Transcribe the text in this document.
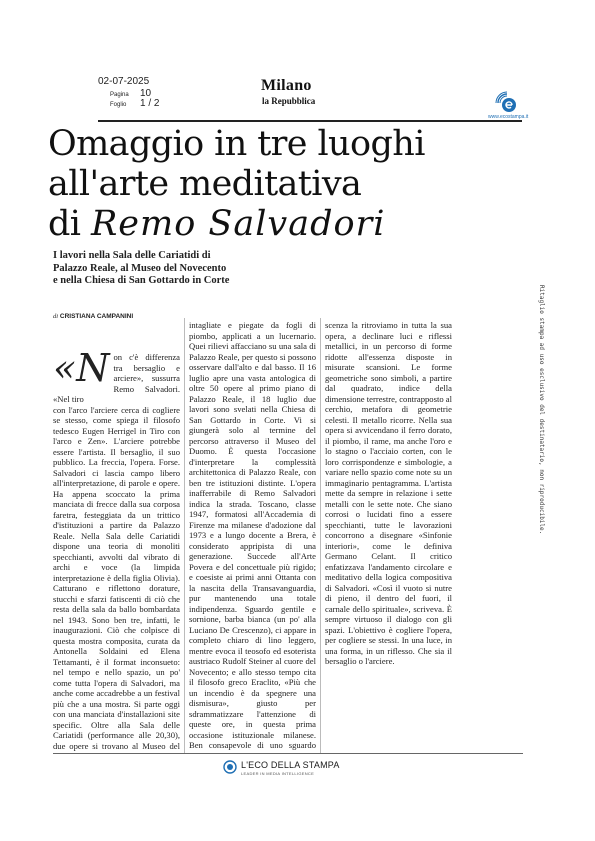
02-07-2025
Pagina 10
Foglio 1 / 2
Milano
la Repubblica
www.ecostampa.it
Omaggio in tre luoghi
all'arte meditativa
di Remo Salvadori
I lavori nella Sala delle Cariatidi di Palazzo Reale, al Museo del Novecento e nella Chiesa di San Gottardo in Corte
di CRISTIANA CAMPANINI
«N on c'è differenza tra bersaglio e arciere», sussurra Remo Salvadori. «Nel tiro
con l'arco l'arciere cerca di cogliere se stesso, come spiega il filosofo tedesco Eugen Herrigel in Tiro con l'arco e Zen». L'arciere potrebbe essere l'artista. Il bersaglio, il suo pubblico. La freccia, l'opera. Forse. Salvadori ci lascia campo libero all'interpretazione, di parole e opere. Ha appena scoccato la prima manciata di frecce dalla sua corposa faretra, festeggiata da un trittico d'istituzioni a partire da Palazzo Reale. Nella Sala delle Cariatidi dispone una teoria di monoliti specchianti, avvolti dal vibrato di archi e voce (la limpida interpretazione è della figlia Olivia). Catturano e riflettono dorature, stucchi e sfarzi fatiscenti di ciò che resta della sala da ballo bombardata nel 1943. Sono ben tre, infatti, le inaugurazioni. Ciò che colpisce di questa mostra composita, curata da Antonella Soldaini ed Elena Tettamanti, è il format inconsueto: nel tempo e nello spazio, un po' come tutta l'opera di Salvadori, ma anche come accadrebbe a un festival più che a una mostra. Si parte oggi con una manciata d'installazioni site specific. Oltre alla Sala delle Cariatidi (performance alle 20,30), due opere si trovano al Museo del
intagliate e piegate da fogli di piombo, applicati a un lucernario. Quei rilievi affacciano su una sala di Palazzo Reale, per questo si possono osservare dall'alto e dal basso. Il 16 luglio apre una vasta antologica di oltre 50 opere al primo piano di Palazzo Reale, il 18 luglio due lavori sono svelati nella Chiesa di San Gottardo in Corte. Vi si giungerà solo al termine del percorso attraverso il Museo del Duomo. È questa l'occasione d'interpretare la complessità architettonica di Palazzo Reale, con ben tre istituzioni distinte. L'opera inafferrabile di Remo Salvadori indica la strada. Toscano, classe 1947, formatosi all'Accademia di Firenze ma milanese d'adozione dal 1973 e a lungo docente a Brera, è considerato appripista di una generazione. Succede all'Arte Povera e del concettuale più rigido; e coesiste ai primi anni Ottanta con la nascita della Transavanguardia, pur mantenendo una totale indipendenza. Sguardo gentile e sornione, barba bianca (un po' alla Luciano De Crescenzo), ci appare in completo chiaro di lino leggero, mentre evoca il teosofo ed esoterista austriaco Rudolf Steiner al cuore del Novecento; e allo stesso tempo cita il filosofo greco Eraclito, «Più che un incendio è da spegnere una dismisura», giusto per sdrammatizzare l'attenzione di queste ore, in questa prima occasione istituzionale milanese. Ben consapevole di uno sguardo
scenza la ritroviamo in tutta la sua opera, a declinare luci e riflessi metallici, in un percorso di forme ridotte all'essenza disposte in misurate scansioni. Le forme geometriche sono simboli, a partire dal quadrato, indice della dimensione terrestre, contrapposto al cerchio, metafora di geometrie celesti. Il metallo ricorre. Nella sua opera si avvicendano il ferro dorato, il piombo, il rame, ma anche l'oro e lo stagno o l'acciaio corten, con le loro corrispondenze e simbologie, a variare nello spazio come note su un immaginario pentagramma. L'artista mette da sempre in relazione i sette metalli con le sette note. Che siano corrosi o lucidati fino a essere specchianti, tutte le lavorazioni concorrono a disegnare «Sinfonie interiori», come le definiva Germano Celant. Il critico enfatizzava l'andamento circolare e meditativo della logica compositiva di Salvadori. «Così il vuoto si nutre di pieno, il dentro del fuori, il carnale dello spirituale», scriveva. È sempre virtuoso il dialogo con gli spazi. L'obiettivo è cogliere l'opera, per cogliere se stessi. In una luce, in una forma, in un riflesso. Che sia il bersaglio o l'arciere.
Ritaglio stampa ad uso esclusivo del destinatario, non riproducibile.
L'ECO DELLA STAMPA
LEADER IN MEDIA INTELLIGENCE
